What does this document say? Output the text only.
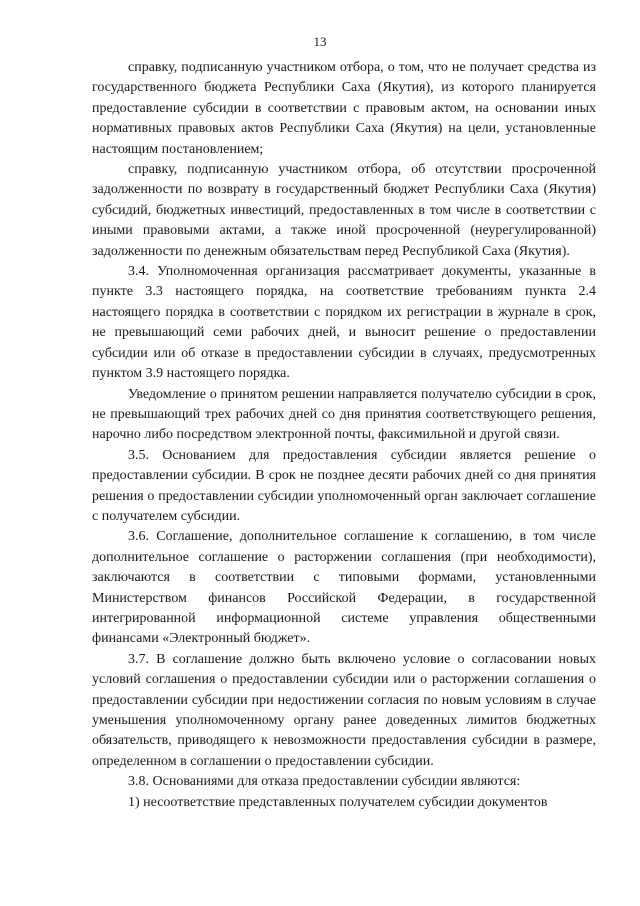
13

справку, подписанную участником отбора, о том, что не получает средства из государственного бюджета Республики Саха (Якутия), из которого планируется предоставление субсидии в соответствии с правовым актом, на основании иных нормативных правовых актов Республики Саха (Якутия) на цели, установленные настоящим постановлением;

справку, подписанную участником отбора, об отсутствии просроченной задолженности по возврату в государственный бюджет Республики Саха (Якутия) субсидий, бюджетных инвестиций, предоставленных в том числе в соответствии с иными правовыми актами, а также иной просроченной (неурегулированной) задолженности по денежным обязательствам перед Республикой Саха (Якутия).

3.4. Уполномоченная организация рассматривает документы, указанные в пункте 3.3 настоящего порядка, на соответствие требованиям пункта 2.4 настоящего порядка в соответствии с порядком их регистрации в журнале в срок, не превышающий семи рабочих дней, и выносит решение о предоставлении субсидии или об отказе в предоставлении субсидии в случаях, предусмотренных пунктом 3.9 настоящего порядка.

Уведомление о принятом решении направляется получателю субсидии в срок, не превышающий трех рабочих дней со дня принятия соответствующего решения, нарочно либо посредством электронной почты, факсимильной и другой связи.

3.5. Основанием для предоставления субсидии является решение о предоставлении субсидии. В срок не позднее десяти рабочих дней со дня принятия решения о предоставлении субсидии уполномоченный орган заключает соглашение с получателем субсидии.

3.6. Соглашение, дополнительное соглашение к соглашению, в том числе дополнительное соглашение о расторжении соглашения (при необходимости), заключаются в соответствии с типовыми формами, установленными Министерством финансов Российской Федерации, в государственной интегрированной информационной системе управления общественными финансами «Электронный бюджет».

3.7. В соглашение должно быть включено условие о согласовании новых условий соглашения о предоставлении субсидии или о расторжении соглашения о предоставлении субсидии при недостижении согласия по новым условиям в случае уменьшения уполномоченному органу ранее доведенных лимитов бюджетных обязательств, приводящего к невозможности предоставления субсидии в размере, определенном в соглашении о предоставлении субсидии.

3.8. Основаниями для отказа предоставлении субсидии являются:

1) несоответствие представленных получателем субсидии документов
